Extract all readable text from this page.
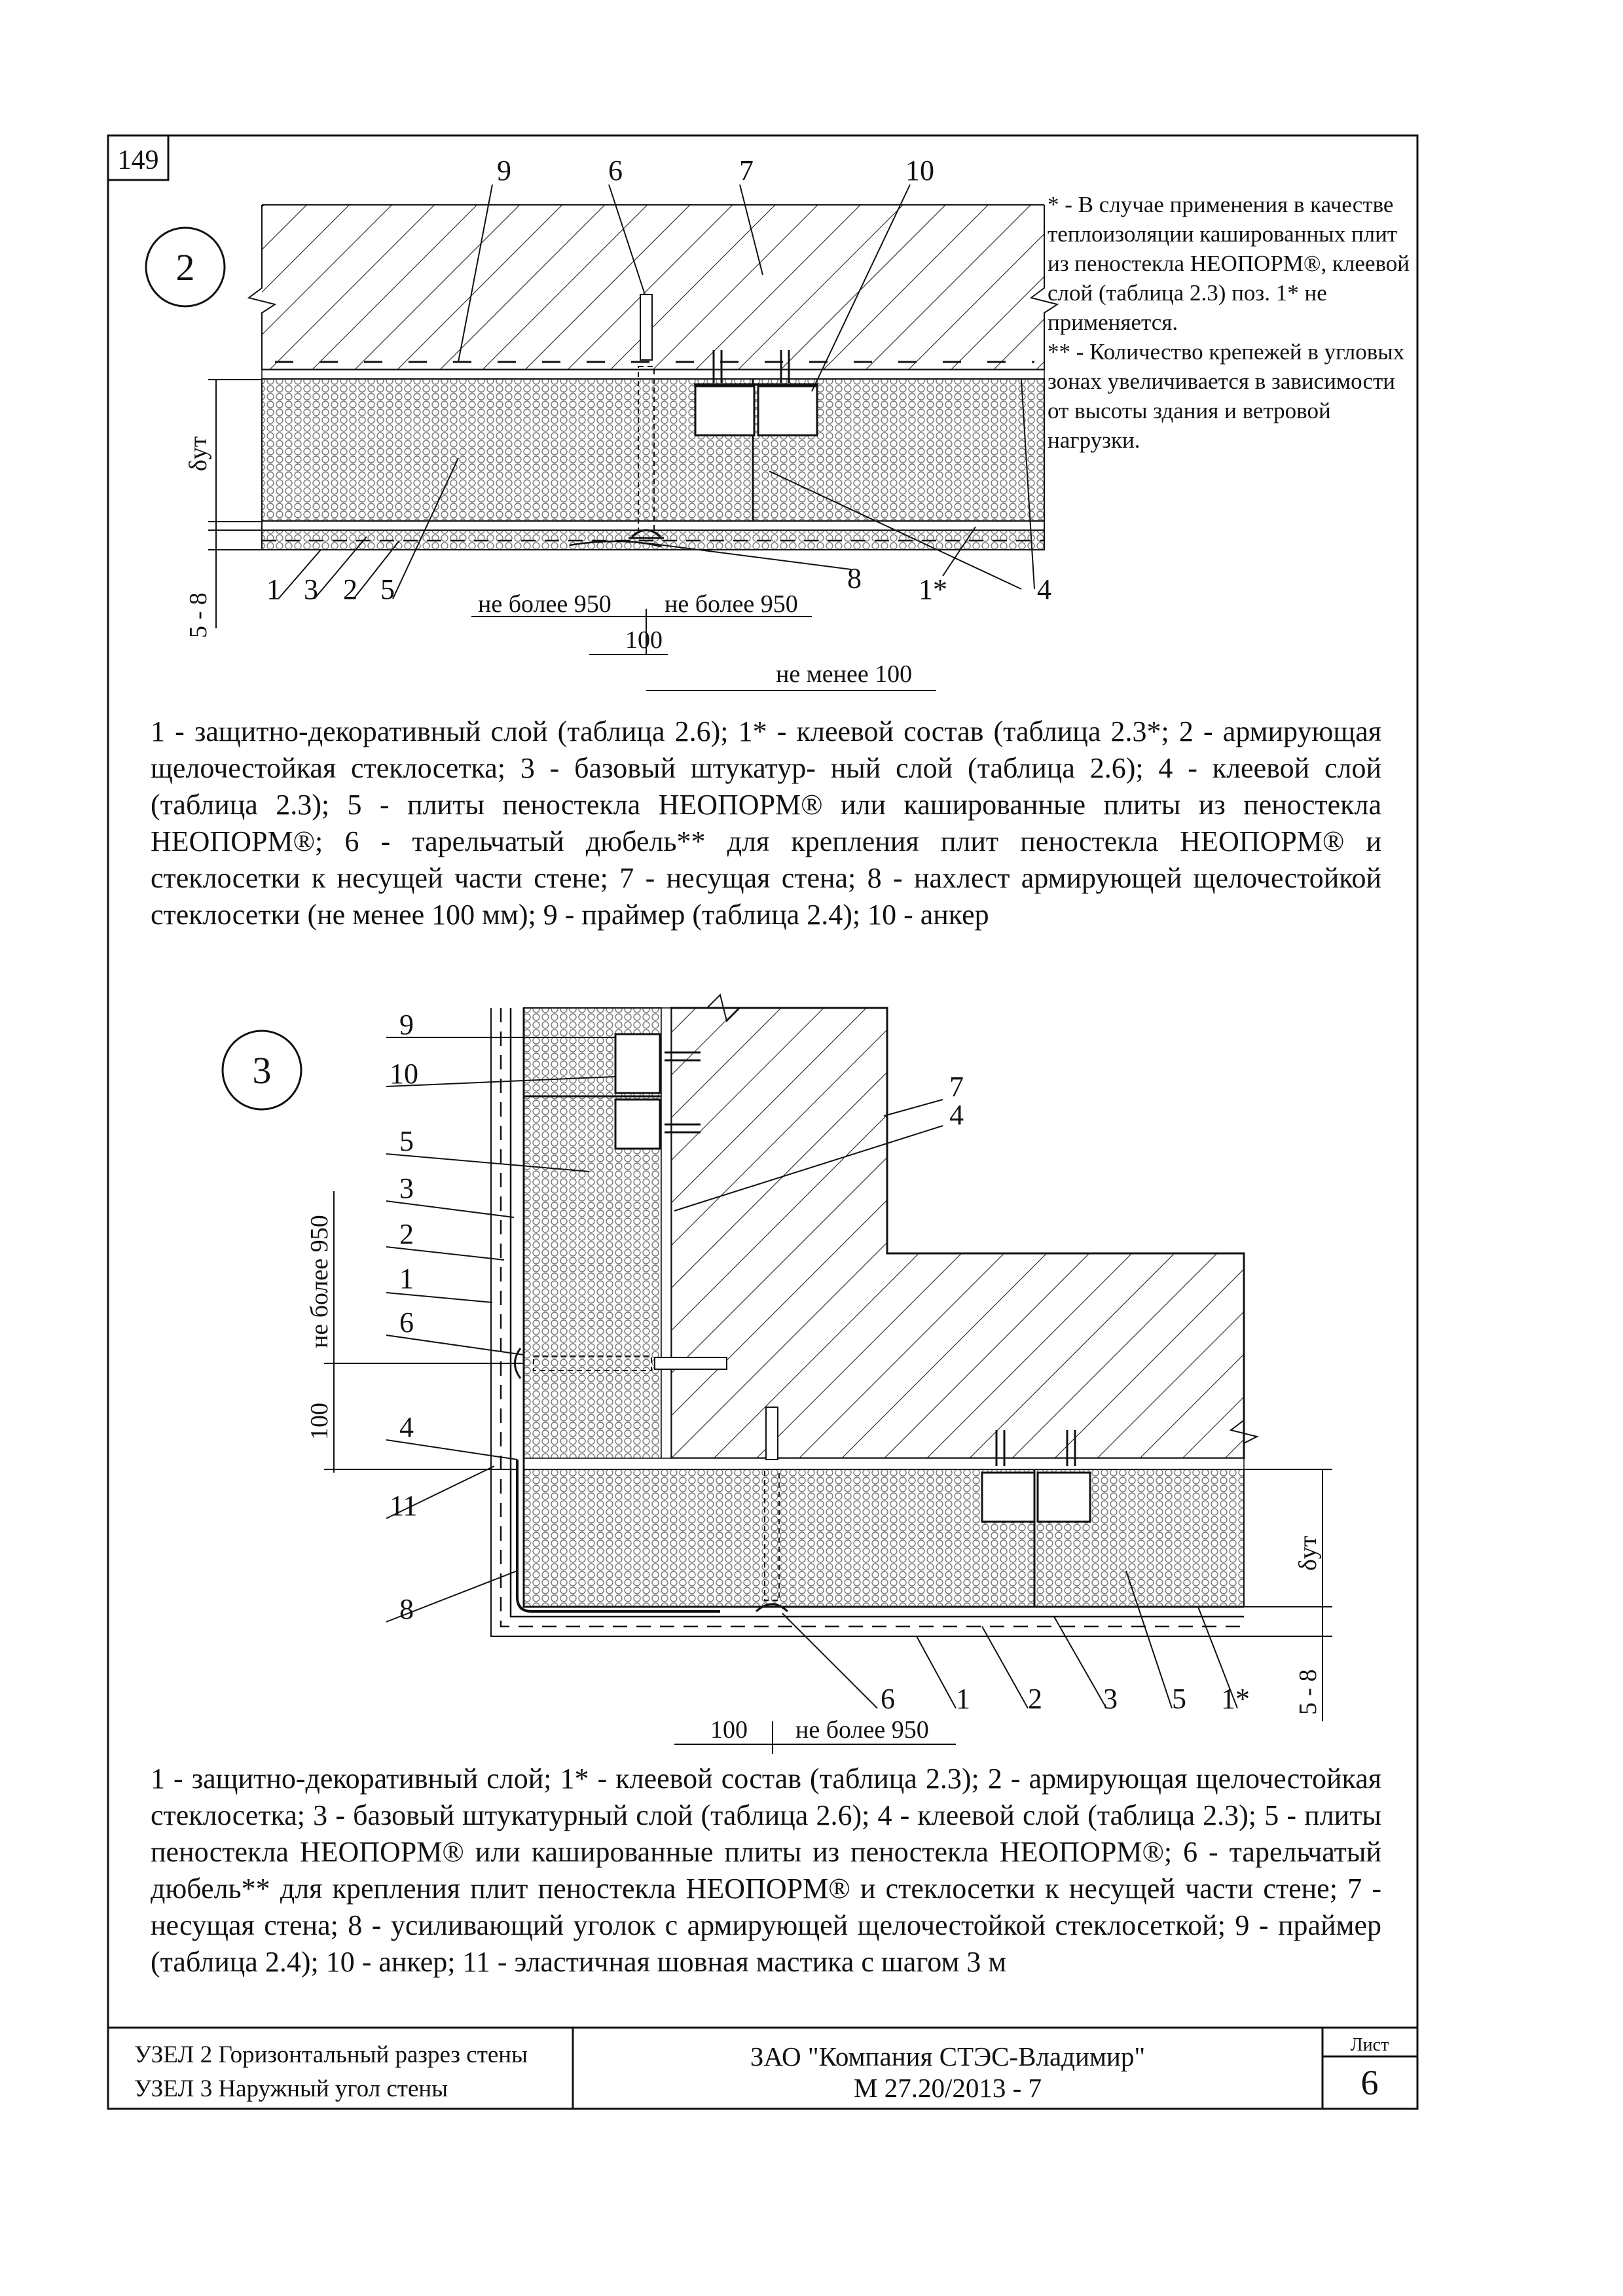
149
2
9	6	7	10
1 3 2 5	8 1*	4
δут
5 - 8	не более 950 не более 950
100
не менее 100
3
9
10
5
3
2
1
6
4
11
8
7
4
6 1 2 3 5 1*
не более 950
100
δут
5 - 8
100 не более 950
Лист
6
* - В случае применения в качестве теплоизоляции кашированных плит из пеностекла НЕОПОРМ®, клеевой слой (таблица 2.3) поз. 1* не применяется.
** - Количество крепежей в угловых зонах увеличивается в зависимости от высоты здания и ветровой нагрузки.
1 - защитно-декоративный слой (таблица 2.6); 1* - клеевой состав (таблица 2.3*; 2 - армирующая щелочестойкая стеклосетка; 3 - базовый штукатур- ный слой (таблица 2.6); 4 - клеевой слой (таблица 2.3); 5 - плиты пеностекла НЕОПОРМ® или кашированные плиты из пеностекла НЕОПОРМ®; 6 - тарельчатый дюбель** для крепления плит пеностекла НЕОПОРМ® и стеклосетки к несущей части стене; 7 - несущая стена; 8 - нахлест армирующей щелочестойкой стеклосетки (не менее 100 мм); 9 - праймер (таблица 2.4); 10 - анкер
1 - защитно-декоративный слой; 1* - клеевой состав (таблица 2.3); 2 - армирующая щелочестойкая стеклосетка; 3 - базовый штукатурный слой (таблица 2.6); 4 - клеевой слой (таблица 2.3); 5 - плиты пеностекла НЕОПОРМ® или кашированные плиты из пеностекла НЕОПОРМ®; 6 - тарельчатый дюбель** для крепления плит пеностекла НЕОПОРМ® и стеклосетки к несущей части стене; 7 - несущая стена; 8 - усиливающий уголок с армирующей щелочестойкой стеклосеткой; 9 - праймер (таблица 2.4); 10 - анкер; 11 - эластичная шовная мастика с шагом 3 м
УЗЕЛ 2 Горизонтальный разрез стены
УЗЕЛ 3 Наружный угол стены
ЗАО "Компания СТЭС-Владимир"
М 27.20/2013 - 7
